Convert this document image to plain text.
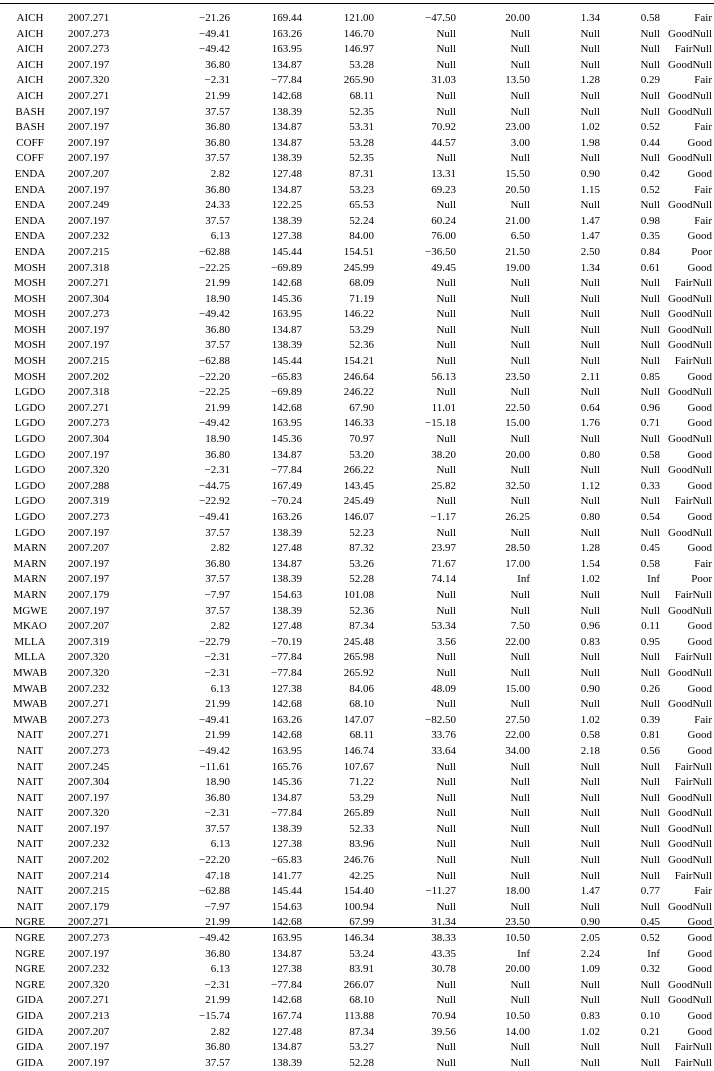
AICH	2007.271	−21.26	169.44	121.00	−47.50	20.00	1.34	0.58	Fair
AICH	2007.273	−49.41	163.26	146.70	Null	Null	Null	Null	GoodNull
AICH	2007.273	−49.42	163.95	146.97	Null	Null	Null	Null	FairNull
AICH	2007.197	36.80	134.87	53.28	Null	Null	Null	Null	GoodNull
AICH	2007.320	−2.31	−77.84	265.90	31.03	13.50	1.28	0.29	Fair
AICH	2007.271	21.99	142.68	68.11	Null	Null	Null	Null	GoodNull
BASH	2007.197	37.57	138.39	52.35	Null	Null	Null	Null	GoodNull
BASH	2007.197	36.80	134.87	53.31	70.92	23.00	1.02	0.52	Fair
COFF	2007.197	36.80	134.87	53.28	44.57	3.00	1.98	0.44	Good
COFF	2007.197	37.57	138.39	52.35	Null	Null	Null	Null	GoodNull
ENDA	2007.207	2.82	127.48	87.31	13.31	15.50	0.90	0.42	Good
ENDA	2007.197	36.80	134.87	53.23	69.23	20.50	1.15	0.52	Fair
ENDA	2007.249	24.33	122.25	65.53	Null	Null	Null	Null	GoodNull
ENDA	2007.197	37.57	138.39	52.24	60.24	21.00	1.47	0.98	Fair
ENDA	2007.232	6.13	127.38	84.00	76.00	6.50	1.47	0.35	Good
ENDA	2007.215	−62.88	145.44	154.51	−36.50	21.50	2.50	0.84	Poor
MOSH	2007.318	−22.25	−69.89	245.99	49.45	19.00	1.34	0.61	Good
MOSH	2007.271	21.99	142.68	68.09	Null	Null	Null	Null	FairNull
MOSH	2007.304	18.90	145.36	71.19	Null	Null	Null	Null	GoodNull
MOSH	2007.273	−49.42	163.95	146.22	Null	Null	Null	Null	GoodNull
MOSH	2007.197	36.80	134.87	53.29	Null	Null	Null	Null	GoodNull
MOSH	2007.197	37.57	138.39	52.36	Null	Null	Null	Null	GoodNull
MOSH	2007.215	−62.88	145.44	154.21	Null	Null	Null	Null	FairNull
MOSH	2007.202	−22.20	−65.83	246.64	56.13	23.50	2.11	0.85	Good
LGDO	2007.318	−22.25	−69.89	246.22	Null	Null	Null	Null	GoodNull
LGDO	2007.271	21.99	142.68	67.90	11.01	22.50	0.64	0.96	Good
LGDO	2007.273	−49.42	163.95	146.33	−15.18	15.00	1.76	0.71	Good
LGDO	2007.304	18.90	145.36	70.97	Null	Null	Null	Null	GoodNull
LGDO	2007.197	36.80	134.87	53.20	38.20	20.00	0.80	0.58	Good
LGDO	2007.320	−2.31	−77.84	266.22	Null	Null	Null	Null	GoodNull
LGDO	2007.288	−44.75	167.49	143.45	25.82	32.50	1.12	0.33	Good
LGDO	2007.319	−22.92	−70.24	245.49	Null	Null	Null	Null	FairNull
LGDO	2007.273	−49.41	163.26	146.07	−1.17	26.25	0.80	0.54	Good
LGDO	2007.197	37.57	138.39	52.23	Null	Null	Null	Null	GoodNull
MARN	2007.207	2.82	127.48	87.32	23.97	28.50	1.28	0.45	Good
MARN	2007.197	36.80	134.87	53.26	71.67	17.00	1.54	0.58	Fair
MARN	2007.197	37.57	138.39	52.28	74.14	Inf	1.02	Inf	Poor
MARN	2007.179	−7.97	154.63	101.08	Null	Null	Null	Null	FairNull
MGWE	2007.197	37.57	138.39	52.36	Null	Null	Null	Null	GoodNull
MKAO	2007.207	2.82	127.48	87.34	53.34	7.50	0.96	0.11	Good
MLLA	2007.319	−22.79	−70.19	245.48	3.56	22.00	0.83	0.95	Good
MLLA	2007.320	−2.31	−77.84	265.98	Null	Null	Null	Null	FairNull
MWAB	2007.320	−2.31	−77.84	265.92	Null	Null	Null	Null	GoodNull
MWAB	2007.232	6.13	127.38	84.06	48.09	15.00	0.90	0.26	Good
MWAB	2007.271	21.99	142.68	68.10	Null	Null	Null	Null	GoodNull
MWAB	2007.273	−49.41	163.26	147.07	−82.50	27.50	1.02	0.39	Fair
NAIT	2007.271	21.99	142.68	68.11	33.76	22.00	0.58	0.81	Good
NAIT	2007.273	−49.42	163.95	146.74	33.64	34.00	2.18	0.56	Good
NAIT	2007.245	−11.61	165.76	107.67	Null	Null	Null	Null	FairNull
NAIT	2007.304	18.90	145.36	71.22	Null	Null	Null	Null	FairNull
NAIT	2007.197	36.80	134.87	53.29	Null	Null	Null	Null	GoodNull
NAIT	2007.320	−2.31	−77.84	265.89	Null	Null	Null	Null	GoodNull
NAIT	2007.197	37.57	138.39	52.33	Null	Null	Null	Null	GoodNull
NAIT	2007.232	6.13	127.38	83.96	Null	Null	Null	Null	GoodNull
NAIT	2007.202	−22.20	−65.83	246.76	Null	Null	Null	Null	GoodNull
NAIT	2007.214	47.18	141.77	42.25	Null	Null	Null	Null	FairNull
NAIT	2007.215	−62.88	145.44	154.40	−11.27	18.00	1.47	0.77	Fair
NAIT	2007.179	−7.97	154.63	100.94	Null	Null	Null	Null	GoodNull
NGRE	2007.271	21.99	142.68	67.99	31.34	23.50	0.90	0.45	Good
NGRE	2007.273	−49.42	163.95	146.34	38.33	10.50	2.05	0.52	Good
NGRE	2007.197	36.80	134.87	53.24	43.35	Inf	2.24	Inf	Good
NGRE	2007.232	6.13	127.38	83.91	30.78	20.00	1.09	0.32	Good
NGRE	2007.320	−2.31	−77.84	266.07	Null	Null	Null	Null	GoodNull
GIDA	2007.271	21.99	142.68	68.10	Null	Null	Null	Null	GoodNull
GIDA	2007.213	−15.74	167.74	113.88	70.94	10.50	0.83	0.10	Good
GIDA	2007.207	2.82	127.48	87.34	39.56	14.00	1.02	0.21	Good
GIDA	2007.197	36.80	134.87	53.27	Null	Null	Null	Null	FairNull
GIDA	2007.197	37.57	138.39	52.28	Null	Null	Null	Null	FairNull
